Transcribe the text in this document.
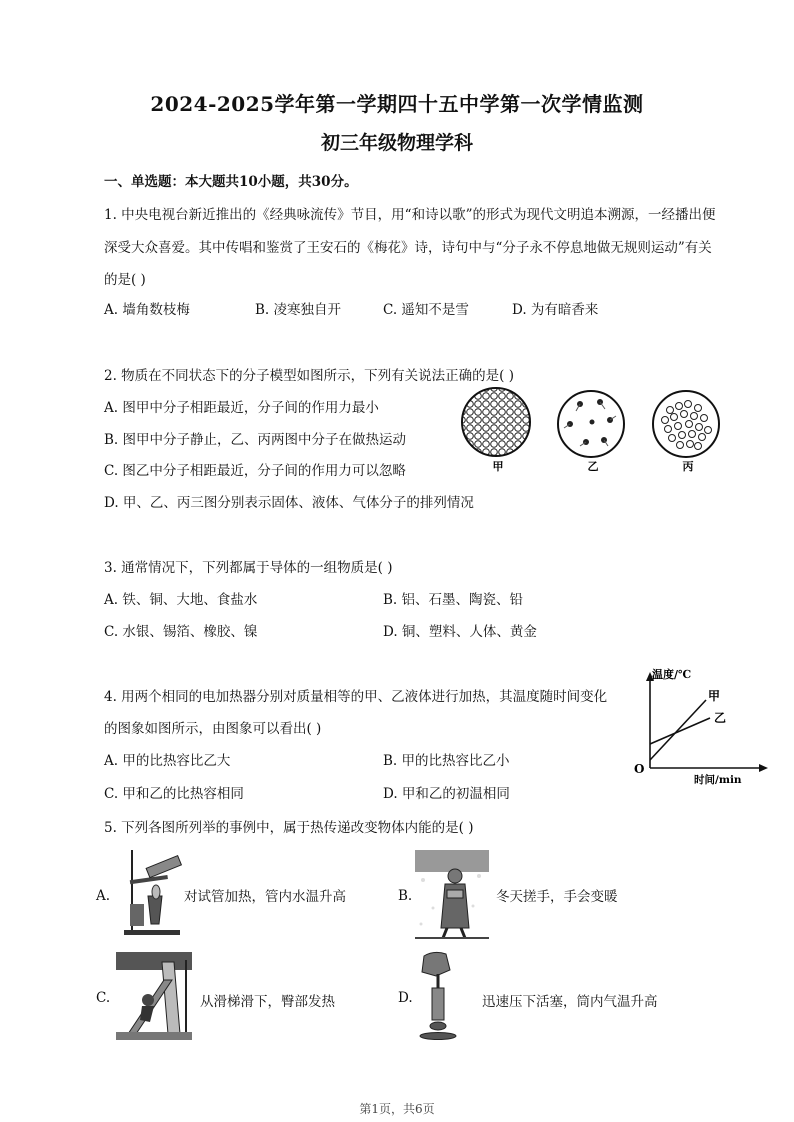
2024-2025学年第一学期四十五中学第一次学情监测
初三年级物理学科
一、单选题：本大题共10小题，共30分。
1. 中央电视台新近推出的《经典咏流传》节目，用“和诗以歌”的形式为现代文明追本溯源，一经播出便
深受大众喜爱。其中传唱和鉴赏了王安石的《梅花》诗，诗句中与“分子永不停息地做无规则运动”有关
的是( )
A. 墙角数枝梅	B. 凌寒独自开	C. 遥知不是雪	D. 为有暗香来
2. 物质在不同状态下的分子模型如图所示，下列有关说法正确的是( )
A. 图甲中分子相距最近，分子间的作用力最小
B. 图甲中分子静止，乙、丙两图中分子在做热运动
C. 图乙中分子相距最近，分子间的作用力可以忽略
D. 甲、乙、丙三图分别表示固体、液体、气体分子的排列情况
甲	乙	丙
3. 通常情况下，下列都属于导体的一组物质是( )
A. 铁、铜、大地、食盐水	B. 铝、石墨、陶瓷、铅
C. 水银、锡箔、橡胶、镍	D. 铜、塑料、人体、黄金
4. 用两个相同的电加热器分别对质量相等的甲、乙液体进行加热，其温度随时间变化
的图象如图所示，由图象可以看出( )
A. 甲的比热容比乙大	B. 甲的比热容比乙小
C. 甲和乙的比热容相同	D. 甲和乙的初温相同
温度/℃
时间/min
O
甲
乙
5. 下列各图所列举的事例中，属于热传递改变物体内能的是( )
A.	对试管加热，管内水温升高	B.	冬天搓手，手会变暖
C.	从滑梯滑下，臀部发热	D.	迅速压下活塞，筒内气温升高
第1页，共6页
